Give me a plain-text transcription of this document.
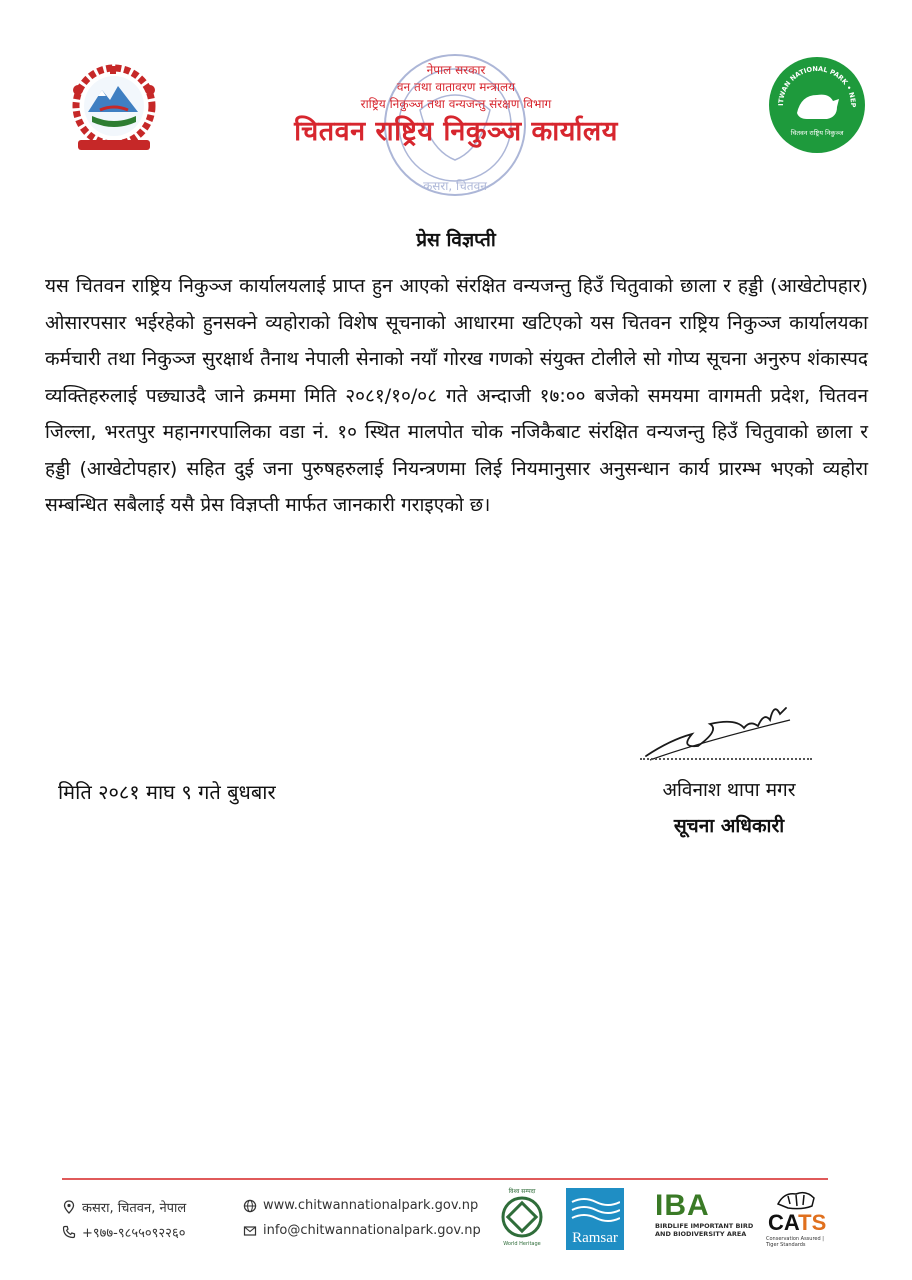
कसरा, चितवन
नेपाल सरकार
वन तथा वातावरण मन्त्रालय
राष्ट्रिय निकुञ्ज तथा वन्यजन्तु संरक्षण विभाग
चितवन राष्ट्रिय निकुञ्ज कार्यालय
ITWAN NATIONAL PARK • NEP
चितवन राष्ट्रिय निकुञ्ज
प्रेस विज्ञप्ती
यस चितवन राष्ट्रिय निकुञ्ज कार्यालयलाई प्राप्त हुन आएको संरक्षित वन्यजन्तु हिउँ चितुवाको छाला र हड्डी (आखेटोपहार) ओसारपसार भईरहेको हुनसक्ने व्यहोराको विशेष सूचनाको आधारमा खटिएको यस चितवन राष्ट्रिय निकुञ्ज कार्यालयका कर्मचारी तथा निकुञ्ज सुरक्षार्थ तैनाथ नेपाली सेनाको नयाँ गोरख गणको संयुक्त टोलीले सो गोप्य सूचना अनुरुप शंकास्पद व्यक्तिहरुलाई पछ्याउदै जाने क्रममा मिति २०८१/१०/०८ गते अन्दाजी १७:०० बजेको समयमा वागमती प्रदेश, चितवन जिल्ला, भरतपुर महानगरपालिका वडा नं. १० स्थित मालपोत चोक नजिकैबाट संरक्षित वन्यजन्तु हिउँ चितुवाको छाला र हड्डी (आखेटोपहार) सहित दुई जना पुरुषहरुलाई नियन्त्रणमा लिई नियमानुसार अनुसन्धान कार्य प्रारम्भ भएको व्यहोरा सम्बन्धित सबैलाई यसै प्रेस विज्ञप्ती मार्फत जानकारी गराइएको छ।
अविनाश थापा मगर
सूचना अधिकारी
मिति २०८१ माघ ९ गते बुधबार
कसरा, चितवन, नेपाल
+९७७-९८५५०९२२६०
www.chitwannationalpark.gov.np
info@chitwannationalpark.gov.np
विश्व सम्पदा
World Heritage	Ramsar
IBA
BIRDLIFE IMPORTANT BIRD AND BIODIVERSITY AREA CATS
Conservation Assured | Tiger Standards
